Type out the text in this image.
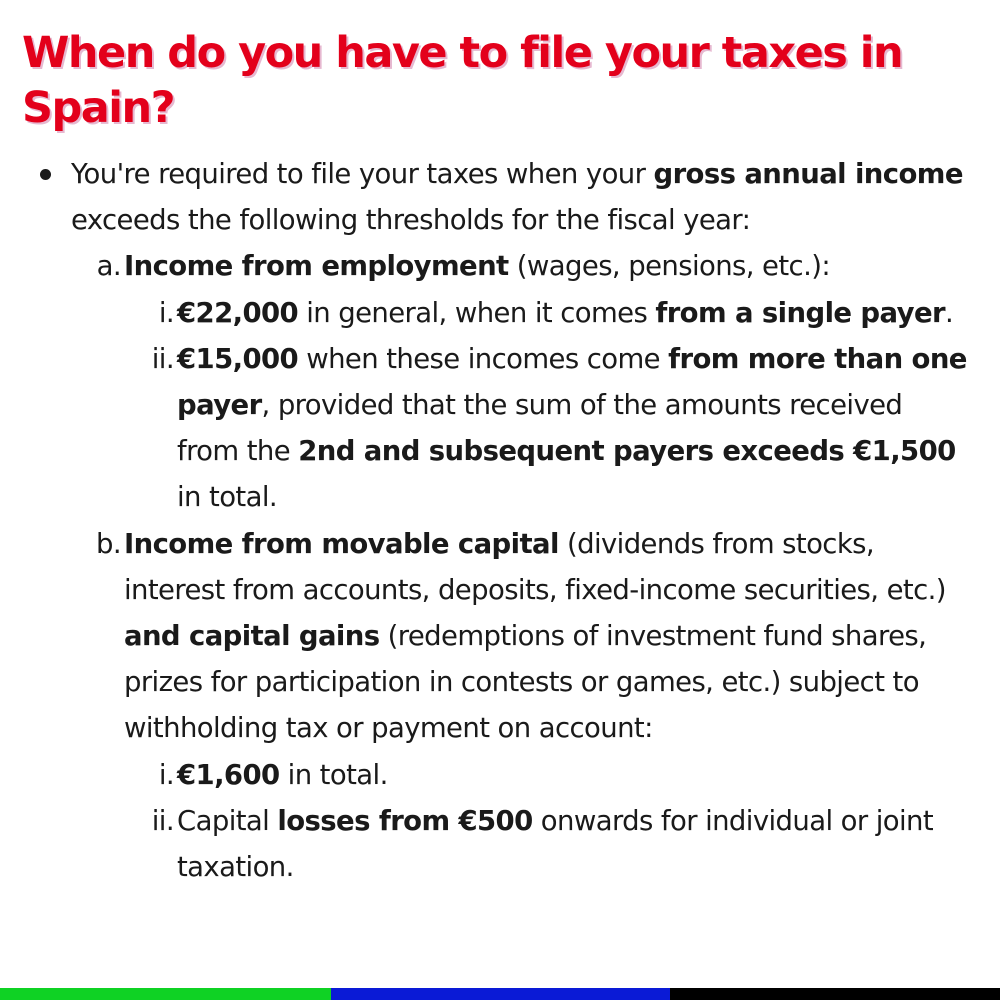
When do you have to file your taxes in Spain?
You're required to file your taxes when your gross annual income exceeds the following thresholds for the fiscal year:
a. Income from employment (wages, pensions, etc.):
i. €22,000 in general, when it comes from a single payer.
ii. €15,000 when these incomes come from more than one payer, provided that the sum of the amounts received from the 2nd and subsequent payers exceeds €1,500 in total.
b. Income from movable capital (dividends from stocks, interest from accounts, deposits, fixed-income securities, etc.) and capital gains (redemptions of investment fund shares, prizes for participation in contests or games, etc.) subject to withholding tax or payment on account:
i. €1,600 in total.
ii. Capital losses from €500 onwards for individual or joint taxation.
